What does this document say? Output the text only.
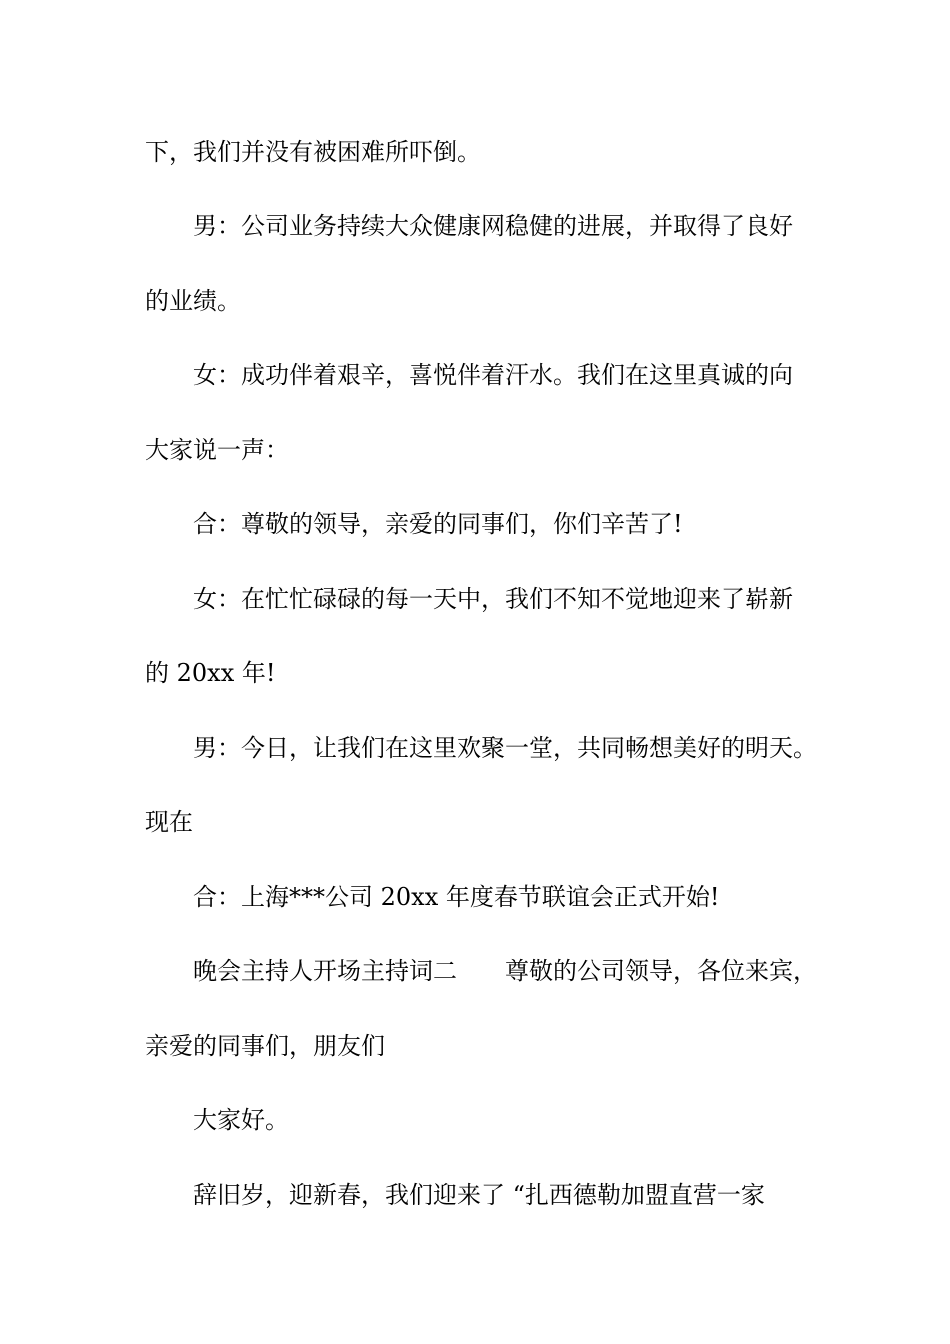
下，我们并没有被困难所吓倒。
男：公司业务持续大众健康网稳健的进展，并取得了良好
的业绩。
女：成功伴着艰辛，喜悦伴着汗水。我们在这里真诚的向
大家说一声：
合：尊敬的领导，亲爱的同事们，你们辛苦了!
女：在忙忙碌碌的每一天中，我们不知不觉地迎来了崭新
的 20xx 年!
男：今日，让我们在这里欢聚一堂，共同畅想美好的明天。
现在
合：上海***公司 20xx 年度春节联谊会正式开始!
晚会主持人开场主持词二 尊敬的公司领导，各位来宾，
亲爱的同事们，朋友们
大家好。
辞旧岁，迎新春，我们迎来了 “扎西德勒加盟直营一家
